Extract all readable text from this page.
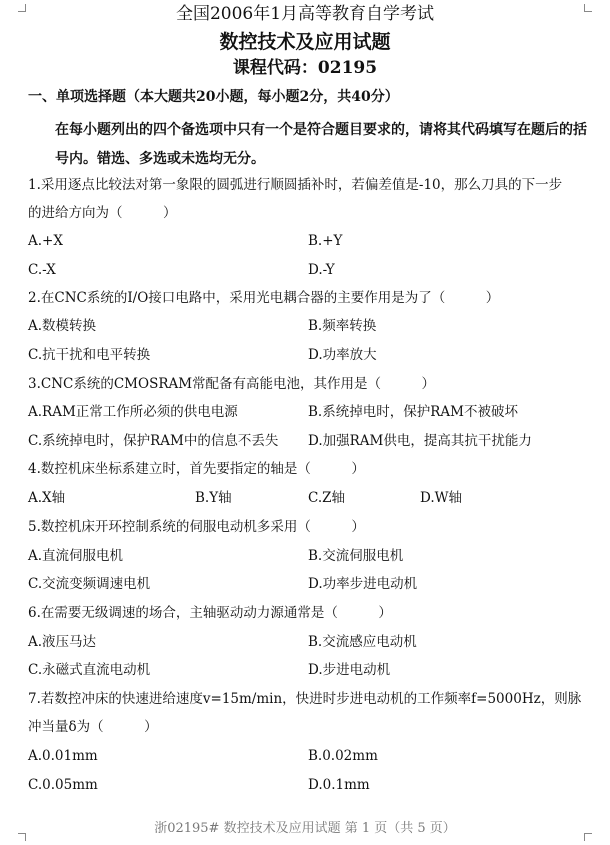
全国2006年1月高等教育自学考试
数控技术及应用试题
课程代码：02195
一、单项选择题（本大题共20小题，每小题2分，共40分）
在每小题列出的四个备选项中只有一个是符合题目要求的，请将其代码填写在题后的括号内。错选、多选或未选均无分。
1.采用逐点比较法对第一象限的圆弧进行顺圆插补时，若偏差值是-10，那么刀具的下一步
的进给方向为（　　　）
A.+X	B.+Y
C.-X	D.-Y
2.在CNC系统的I/O接口电路中，采用光电耦合器的主要作用是为了（　　　）
A.数模转换	B.频率转换
C.抗干扰和电平转换	D.功率放大
3.CNC系统的CMOSRAM常配备有高能电池，其作用是（　　　）
A.RAM正常工作所必须的供电电源	B.系统掉电时，保护RAM不被破坏
C.系统掉电时，保护RAM中的信息不丢失 D.加强RAM供电，提高其抗干扰能力
4.数控机床坐标系建立时，首先要指定的轴是（　　　）
A.X轴	B.Y轴	C.Z轴	D.W轴
5.数控机床开环控制系统的伺服电动机多采用（　　　）
A.直流伺服电机	B.交流伺服电机
C.交流变频调速电机	D.功率步进电动机
6.在需要无级调速的场合，主轴驱动动力源通常是（　　　）
A.液压马达	B.交流感应电动机
C.永磁式直流电动机	D.步进电动机
7.若数控冲床的快速进给速度v=15m/min，快进时步进电动机的工作频率f=5000Hz，则脉
冲当量δ为（　　　）
A.0.01mm	B.0.02mm
C.0.05mm	D.0.1mm
浙02195# 数控技术及应用试题 第 1 页（共 5 页）
